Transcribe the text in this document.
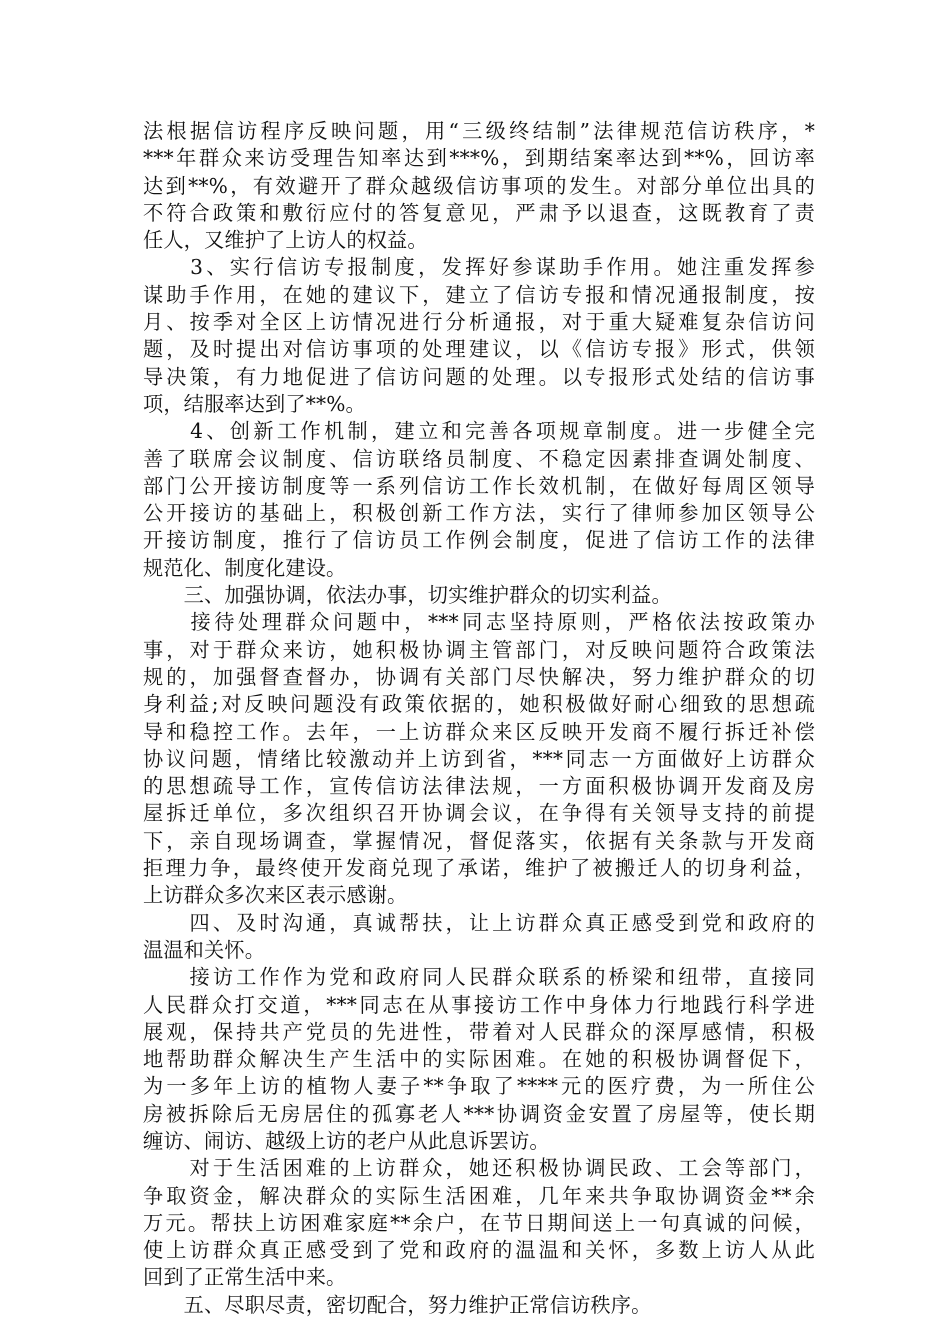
法根据信访程序反映问题，用“三级终结制”法律规范信访秩序，*
***年群众来访受理告知率达到***%，到期结案率达到**%，回访率
达到**%，有效避开了群众越级信访事项的发生。对部分单位出具的
不符合政策和敷衍应付的答复意见，严肃予以退查，这既教育了责
任人，又维护了上访人的权益。
　　3、实行信访专报制度，发挥好参谋助手作用。她注重发挥参
谋助手作用，在她的建议下，建立了信访专报和情况通报制度，按
月、按季对全区上访情况进行分析通报，对于重大疑难复杂信访问
题，及时提出对信访事项的处理建议，以《信访专报》形式，供领
导决策，有力地促进了信访问题的处理。以专报形式处结的信访事
项，结服率达到了**%。
　　4、创新工作机制，建立和完善各项规章制度。进一步健全完
善了联席会议制度、信访联络员制度、不稳定因素排查调处制度、
部门公开接访制度等一系列信访工作长效机制，在做好每周区领导
公开接访的基础上，积极创新工作方法，实行了律师参加区领导公
开接访制度，推行了信访员工作例会制度，促进了信访工作的法律
规范化、制度化建设。
　　三、加强协调，依法办事，切实维护群众的切实利益。
　　接待处理群众问题中，***同志坚持原则，严格依法按政策办
事，对于群众来访，她积极协调主管部门，对反映问题符合政策法
规的，加强督查督办，协调有关部门尽快解决，努力维护群众的切
身利益;对反映问题没有政策依据的，她积极做好耐心细致的思想疏
导和稳控工作。去年，一上访群众来区反映开发商不履行拆迁补偿
协议问题，情绪比较激动并上访到省，***同志一方面做好上访群众
的思想疏导工作，宣传信访法律法规，一方面积极协调开发商及房
屋拆迁单位，多次组织召开协调会议，在争得有关领导支持的前提
下，亲自现场调查，掌握情况，督促落实，依据有关条款与开发商
拒理力争，最终使开发商兑现了承诺，维护了被搬迁人的切身利益，
上访群众多次来区表示感谢。
　　四、及时沟通，真诚帮扶，让上访群众真正感受到党和政府的
温温和关怀。
　　接访工作作为党和政府同人民群众联系的桥梁和纽带，直接同
人民群众打交道，***同志在从事接访工作中身体力行地践行科学进
展观，保持共产党员的先进性，带着对人民群众的深厚感情，积极
地帮助群众解决生产生活中的实际困难。在她的积极协调督促下，
为一多年上访的植物人妻子**争取了****元的医疗费，为一所住公
房被拆除后无房居住的孤寡老人***协调资金安置了房屋等，使长期
缠访、闹访、越级上访的老户从此息诉罢访。
　　对于生活困难的上访群众，她还积极协调民政、工会等部门，
争取资金，解决群众的实际生活困难，几年来共争取协调资金**余
万元。帮扶上访困难家庭**余户，在节日期间送上一句真诚的问候，
使上访群众真正感受到了党和政府的温温和关怀，多数上访人从此
回到了正常生活中来。
　　五、尽职尽责，密切配合，努力维护正常信访秩序。
